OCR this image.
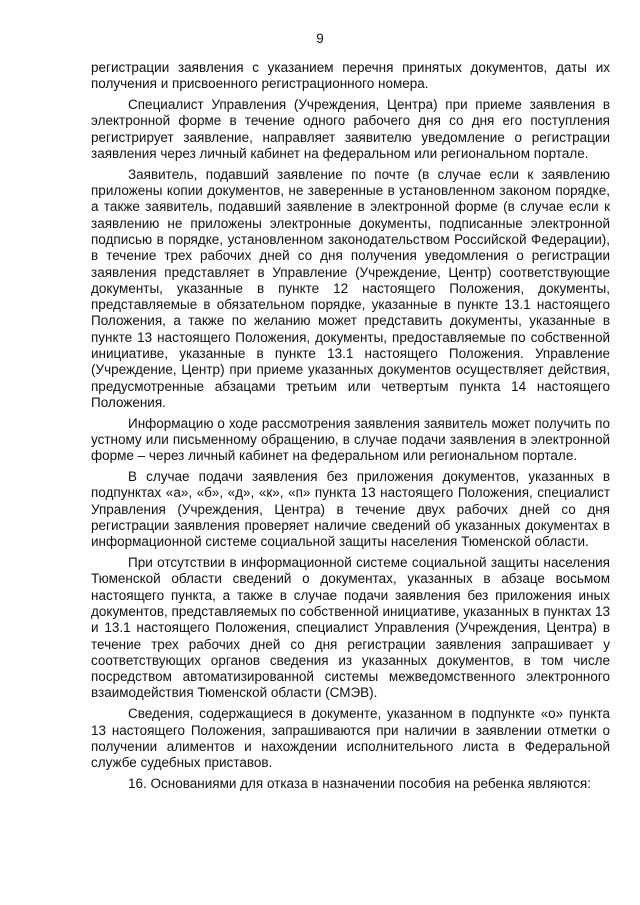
9

регистрации заявления с указанием перечня принятых документов, даты их получения и присвоенного регистрационного номера.

Специалист Управления (Учреждения, Центра) при приеме заявления в электронной форме в течение одного рабочего дня со дня его поступления регистрирует заявление, направляет заявителю уведомление о регистрации заявления через личный кабинет на федеральном или региональном портале.

Заявитель, подавший заявление по почте (в случае если к заявлению приложены копии документов, не заверенные в установленном законом порядке, а также заявитель, подавший заявление в электронной форме (в случае если к заявлению не приложены электронные документы, подписанные электронной подписью в порядке, установленном законодательством Российской Федерации), в течение трех рабочих дней со дня получения уведомления о регистрации заявления представляет в Управление (Учреждение, Центр) соответствующие документы, указанные в пункте 12 настоящего Положения, документы, представляемые в обязательном порядке, указанные в пункте 13.1 настоящего Положения, а также по желанию может представить документы, указанные в пункте 13 настоящего Положения, документы, предоставляемые по собственной инициативе, указанные в пункте 13.1 настоящего Положения. Управление (Учреждение, Центр) при приеме указанных документов осуществляет действия, предусмотренные абзацами третьим или четвертым пункта 14 настоящего Положения.

Информацию о ходе рассмотрения заявления заявитель может получить по устному или письменному обращению, в случае подачи заявления в электронной форме – через личный кабинет на федеральном или региональном портале.

В случае подачи заявления без приложения документов, указанных в подпунктах «а», «б», «д», «к», «п» пункта 13 настоящего Положения, специалист Управления (Учреждения, Центра) в течение двух рабочих дней со дня регистрации заявления проверяет наличие сведений об указанных документах в информационной системе социальной защиты населения Тюменской области.

При отсутствии в информационной системе социальной защиты населения Тюменской области сведений о документах, указанных в абзаце восьмом настоящего пункта, а также в случае подачи заявления без приложения иных документов, представляемых по собственной инициативе, указанных в пунктах 13 и 13.1 настоящего Положения, специалист Управления (Учреждения, Центра) в течение трех рабочих дней со дня регистрации заявления запрашивает у соответствующих органов сведения из указанных документов, в том числе посредством автоматизированной системы межведомственного электронного взаимодействия Тюменской области (СМЭВ).

Сведения, содержащиеся в документе, указанном в подпункте «о» пункта 13 настоящего Положения, запрашиваются при наличии в заявлении отметки о получении алиментов и нахождении исполнительного листа в Федеральной службе судебных приставов.

16. Основаниями для отказа в назначении пособия на ребенка являются:
